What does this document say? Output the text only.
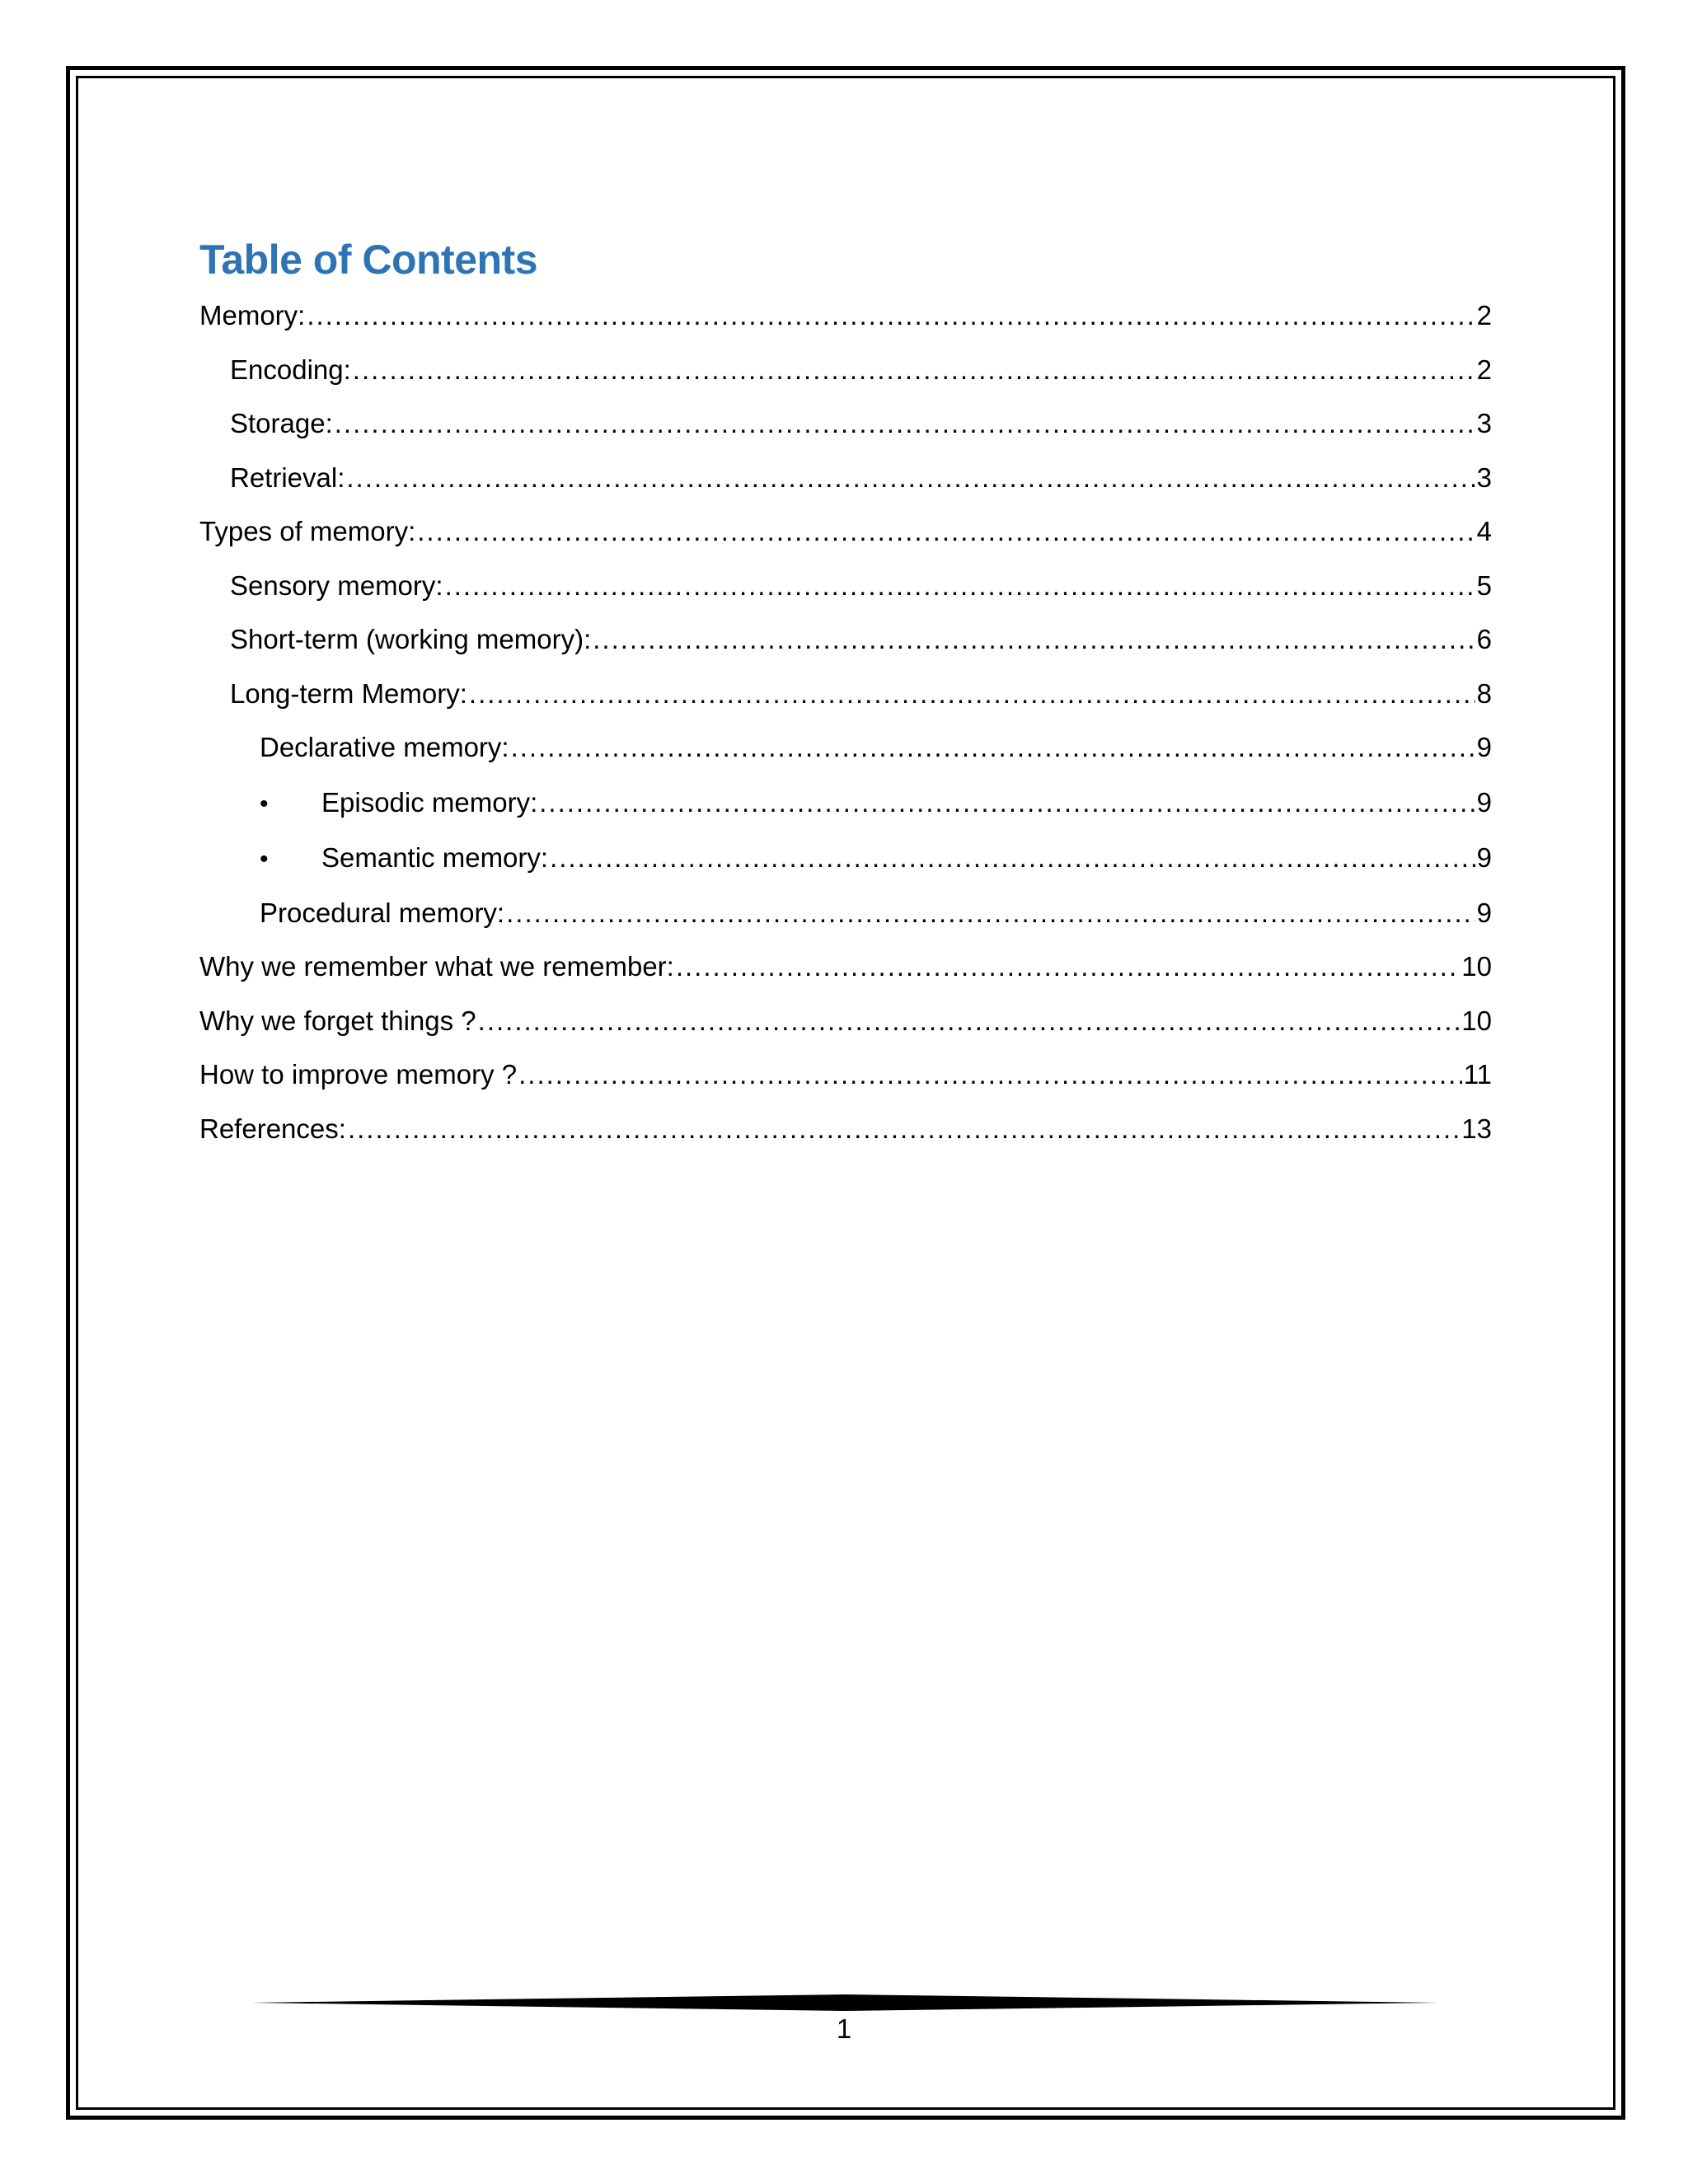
Table of Contents
Memory: .....	2
Encoding: .....	2
Storage: .....	3
Retrieval: .....	3
Types of memory: .....	4
Sensory memory: .....	5
Short-term (working memory): .....	6
Long-term Memory: .....	8
Declarative memory: .....	9
•	Episodic memory: .....	9
•	Semantic memory: .....	9
Procedural memory: .....	9
Why we remember what we remember: .....	10
Why we forget things ? .....	10
How to improve memory ? .....	11
References: .....	13
1
